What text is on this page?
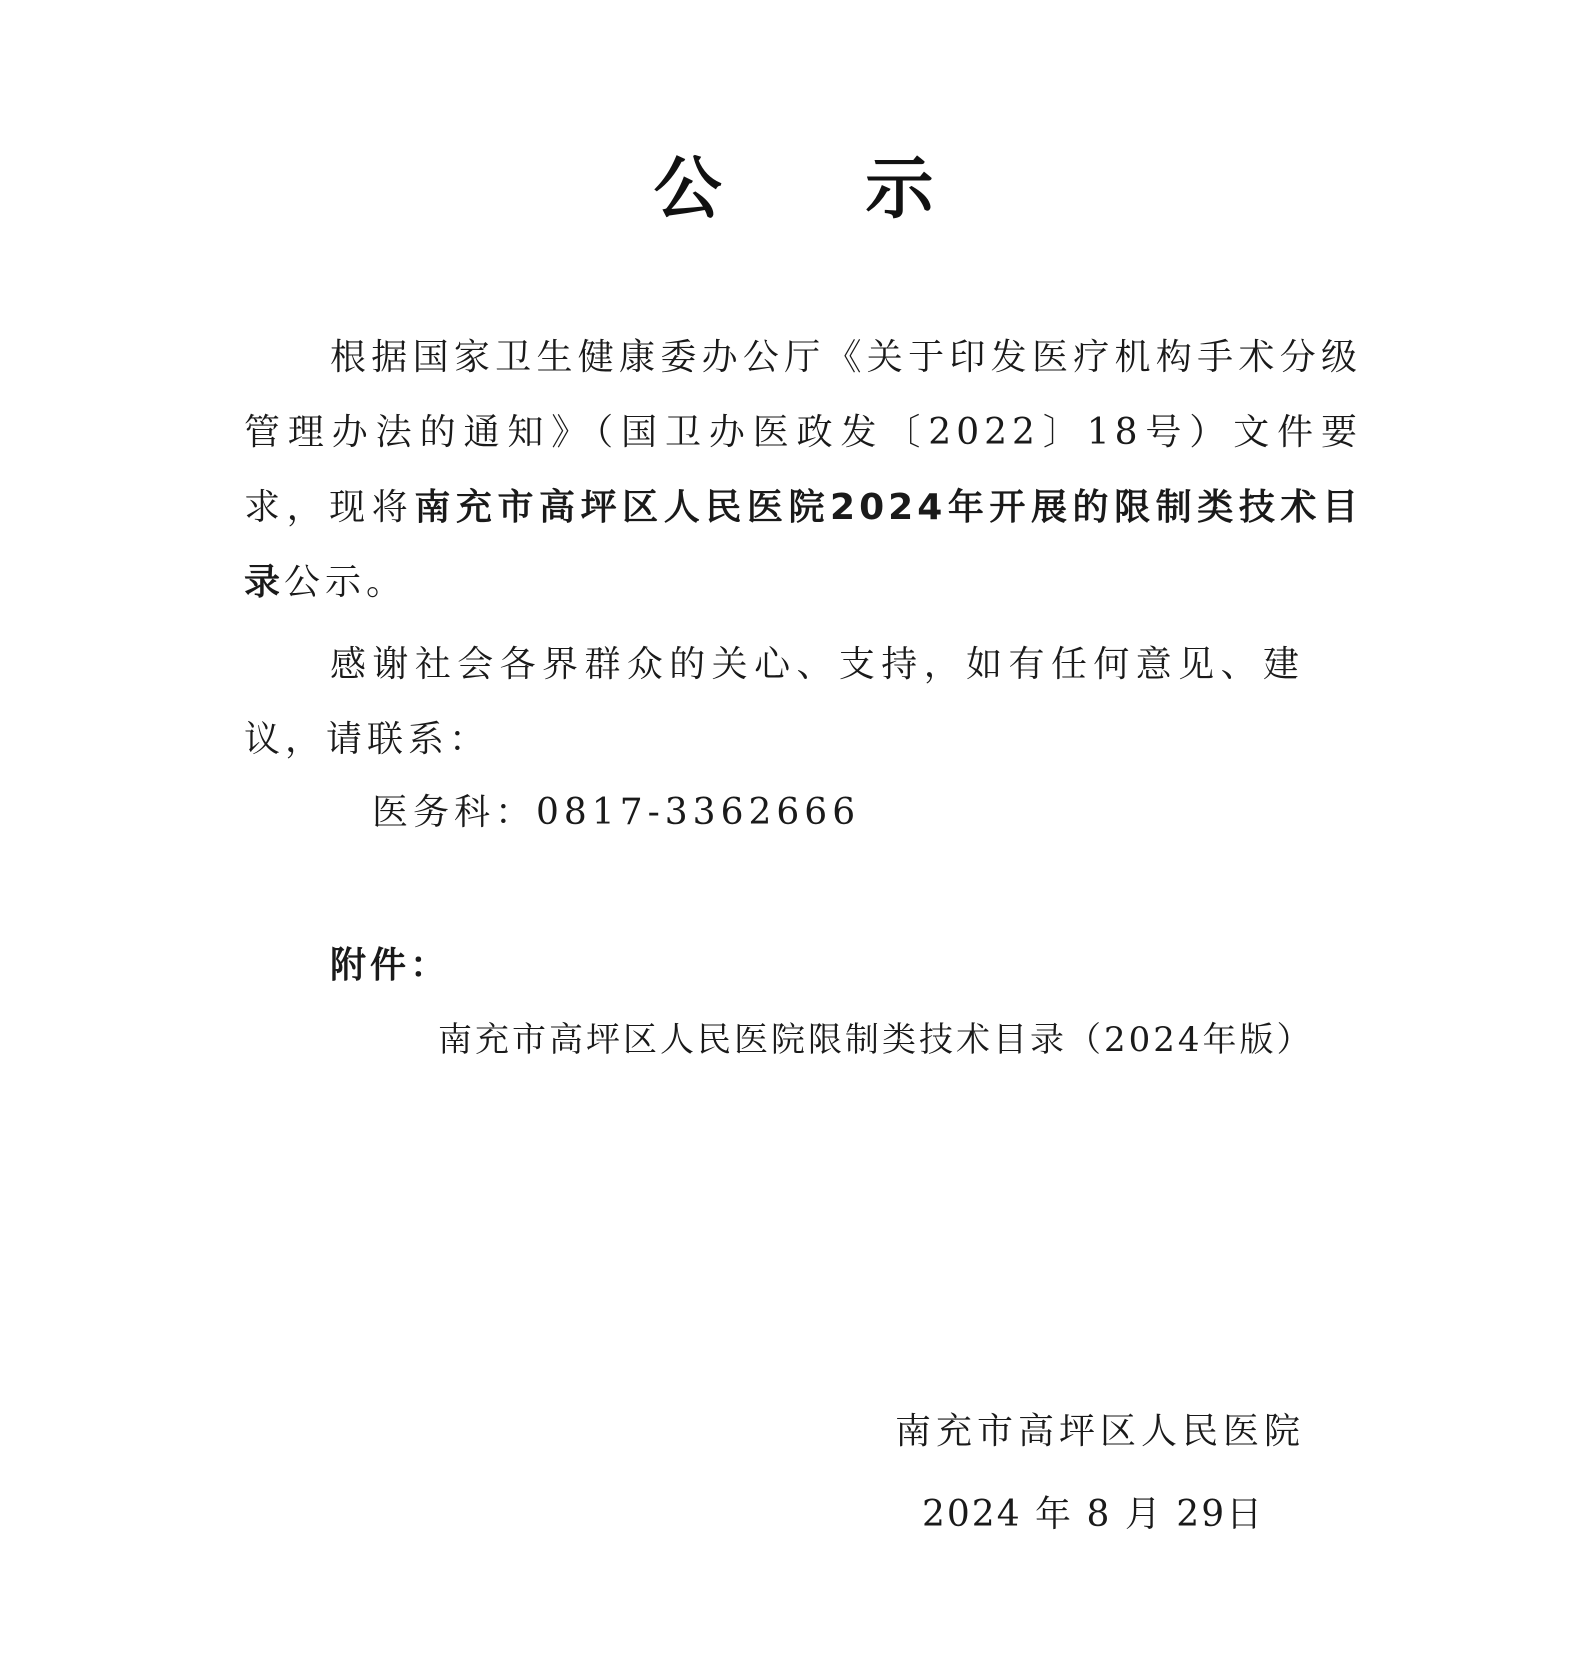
公 示
根据国家卫生健康委办公厅《关于印发医疗机构手术分级管理办法的通知》（国卫办医政发〔2022〕18号）文件要求，现将南充市高坪区人民医院2024年开展的限制类技术目录公示。
感谢社会各界群众的关心、支持，如有任何意见、建议，请联系：
医务科：0817-3362666
附件：
南充市高坪区人民医院限制类技术目录（2024年版）
南充市高坪区人民医院
2024 年 8 月 29日
